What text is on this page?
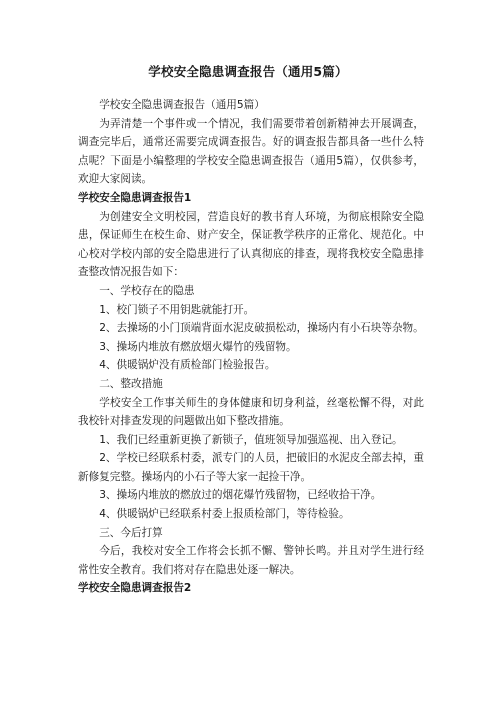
学校安全隐患调查报告（通用5篇）

学校安全隐患调查报告（通用5篇）

为弄清楚一个事件或一个情况，我们需要带着创新精神去开展调查，调查完毕后，通常还需要完成调查报告。好的调查报告都具备一些什么特点呢？下面是小编整理的学校安全隐患调查报告（通用5篇），仅供参考，欢迎大家阅读。

学校安全隐患调查报告1

为创建安全文明校园，营造良好的教书育人环境，为彻底根除安全隐患，保证师生在校生命、财产安全，保证教学秩序的正常化、规范化。中心校对学校内部的安全隐患进行了认真彻底的排查，现将我校安全隐患排查整改情况报告如下：

一、学校存在的隐患

1、校门锁子不用钥匙就能打开。

2、去操场的小门顶端背面水泥皮破损松动，操场内有小石块等杂物。

3、操场内堆放有燃放烟火爆竹的残留物。

4、供暖锅炉没有质检部门检验报告。

二、整改措施

学校安全工作事关师生的身体健康和切身利益，丝毫松懈不得，对此我校针对排查发现的问题做出如下整改措施。

1、我们已经重新更换了新锁子，值班领导加强巡视、出入登记。

2、学校已经联系村委，派专门的人员，把破旧的水泥皮全部去掉，重新修复完整。操场内的小石子等大家一起捡干净。

3、操场内堆放的燃放过的烟花爆竹残留物，已经收拾干净。

4、供暖锅炉已经联系村委上报质检部门，等待检验。

三、今后打算

今后，我校对安全工作将会长抓不懈、警钟长鸣。并且对学生进行经常性安全教育。我们将对存在隐患处逐一解决。

学校安全隐患调查报告2
